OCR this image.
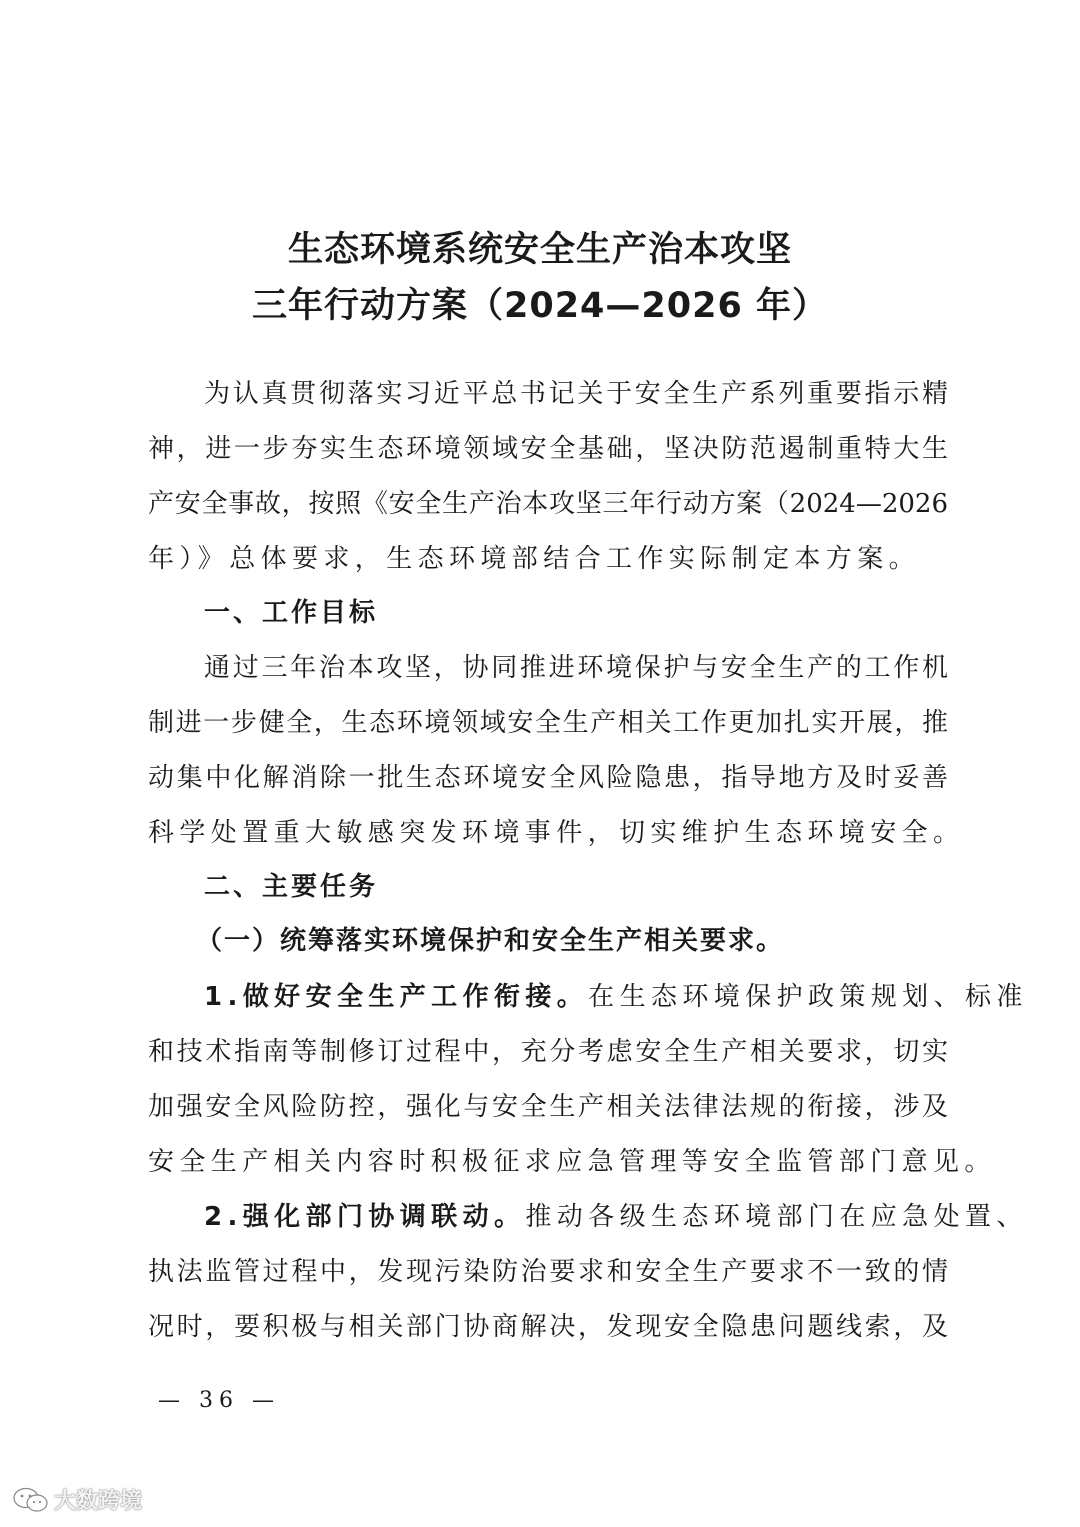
生态环境系统安全生产治本攻坚
三年行动方案（2024—2026 年）
为认真贯彻落实习近平总书记关于安全生产系列重要指示精
神，进一步夯实生态环境领域安全基础，坚决防范遏制重特大生
产安全事故，按照《安全生产治本攻坚三年行动方案（2024—2026
年）》总体要求，生态环境部结合工作实际制定本方案。
一、工作目标
通过三年治本攻坚，协同推进环境保护与安全生产的工作机
制进一步健全，生态环境领域安全生产相关工作更加扎实开展，推
动集中化解消除一批生态环境安全风险隐患，指导地方及时妥善
科学处置重大敏感突发环境事件，切实维护生态环境安全。
二、主要任务
（一）统筹落实环境保护和安全生产相关要求。
1.做好安全生产工作衔接。在生态环境保护政策规划、标准
和技术指南等制修订过程中，充分考虑安全生产相关要求，切实
加强安全风险防控，强化与安全生产相关法律法规的衔接，涉及
安全生产相关内容时积极征求应急管理等安全监管部门意见。
2.强化部门协调联动。推动各级生态环境部门在应急处置、
执法监管过程中，发现污染防治要求和安全生产要求不一致的情
况时，要积极与相关部门协商解决，发现安全隐患问题线索，及
— 36 —
大数跨境
